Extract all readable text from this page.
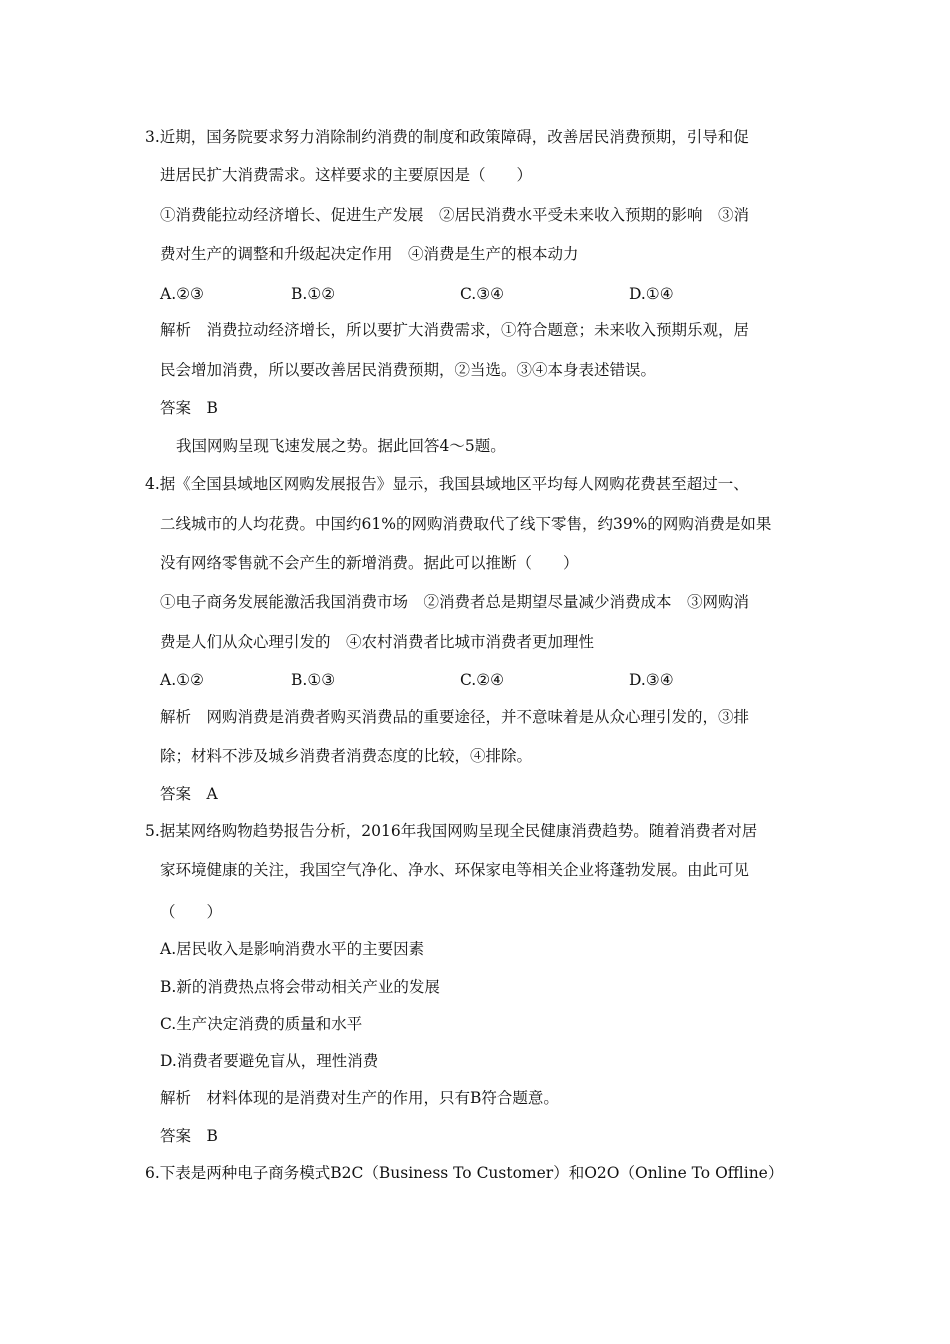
3.近期，国务院要求努力消除制约消费的制度和政策障碍，改善居民消费预期，引导和促
进居民扩大消费需求。这样要求的主要原因是（　　）
①消费能拉动经济增长、促进生产发展　②居民消费水平受未来收入预期的影响　③消
费对生产的调整和升级起决定作用　④消费是生产的根本动力
A.②③	B.①②	C.③④	D.①④
解析　消费拉动经济增长，所以要扩大消费需求，①符合题意；未来收入预期乐观，居
民会增加消费，所以要改善居民消费预期，②当选。③④本身表述错误。
答案　B
我国网购呈现飞速发展之势。据此回答4～5题。
4.据《全国县域地区网购发展报告》显示，我国县域地区平均每人网购花费甚至超过一、
二线城市的人均花费。中国约61%的网购消费取代了线下零售，约39%的网购消费是如果
没有网络零售就不会产生的新增消费。据此可以推断（　　）
①电子商务发展能激活我国消费市场　②消费者总是期望尽量减少消费成本　③网购消
费是人们从众心理引发的　④农村消费者比城市消费者更加理性
A.①②	B.①③	C.②④	D.③④
解析　网购消费是消费者购买消费品的重要途径，并不意味着是从众心理引发的，③排
除；材料不涉及城乡消费者消费态度的比较，④排除。
答案　A
5.据某网络购物趋势报告分析，2016年我国网购呈现全民健康消费趋势。随着消费者对居
家环境健康的关注，我国空气净化、净水、环保家电等相关企业将蓬勃发展。由此可见
（　　）
A.居民收入是影响消费水平的主要因素
B.新的消费热点将会带动相关产业的发展
C.生产决定消费的质量和水平
D.消费者要避免盲从，理性消费
解析　材料体现的是消费对生产的作用，只有B符合题意。
答案　B
6.下表是两种电子商务模式B2C（Business To Customer）和O2O（Online To Offline）
